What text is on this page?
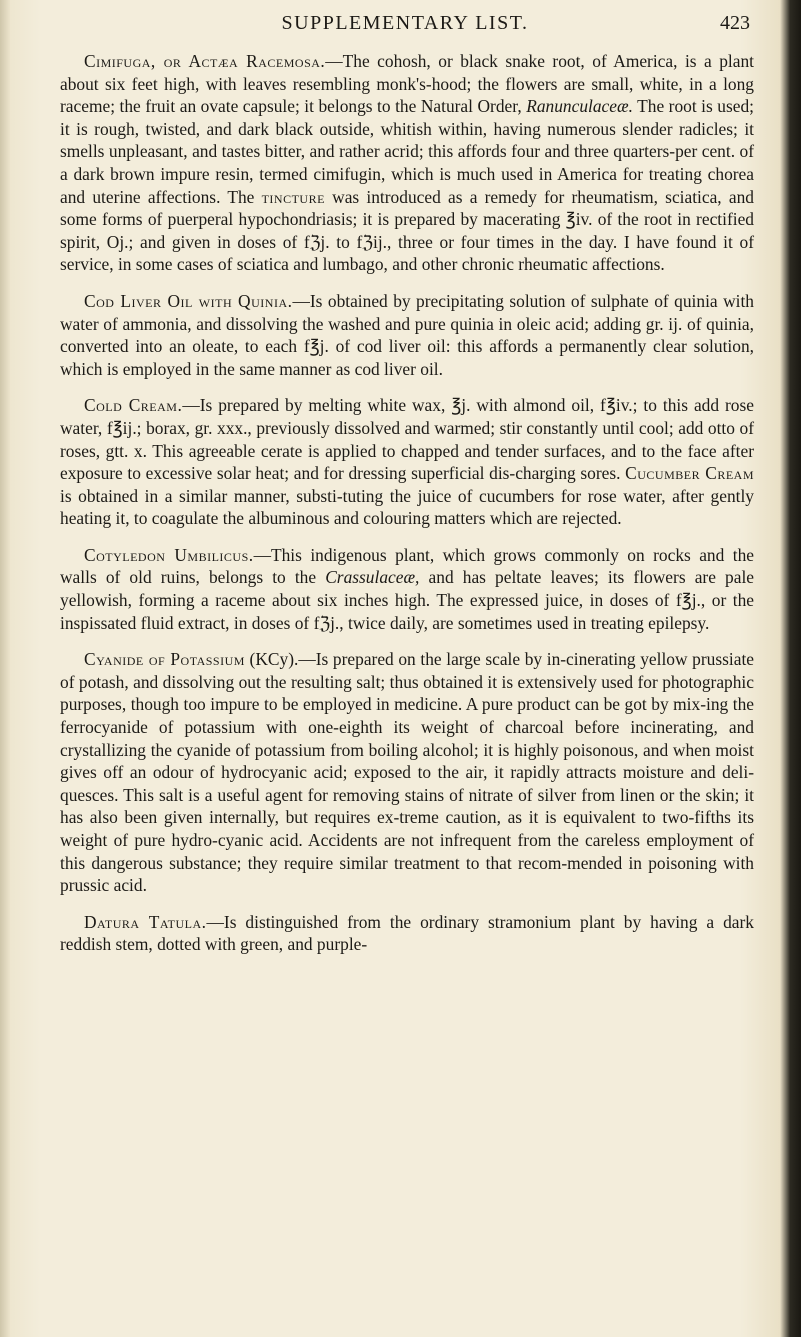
SUPPLEMENTARY LIST.	423

Cimifuga, or Actæa Racemosa.—The cohosh, or black snake root, of America, is a plant about six feet high, with leaves resembling monk's-hood; the flowers are small, white, in a long raceme; the fruit an ovate capsule; it belongs to the Natural Order, Ranunculaceæ. The root is used; it is rough, twisted, and dark black outside, whitish within, having numerous slender radicles; it smells unpleasant, and tastes bitter, and rather acrid; this affords four and three quarters-per cent. of a dark brown impure resin, termed cimifugin, which is much used in America for treating chorea and uterine affections. The tincture was introduced as a remedy for rheumatism, sciatica, and some forms of puerperal hypochondriasis; it is prepared by macerating ℥iv. of the root in rectified spirit, Oj.; and given in doses of fℨj. to fℨij., three or four times in the day. I have found it of service, in some cases of sciatica and lumbago, and other chronic rheumatic affections.

Cod Liver Oil with Quinia.—Is obtained by precipitating solution of sulphate of quinia with water of ammonia, and dissolving the washed and pure quinia in oleic acid; adding gr. ij. of quinia, converted into an oleate, to each f℥j. of cod liver oil: this affords a permanently clear solution, which is employed in the same manner as cod liver oil.

Cold Cream.—Is prepared by melting white wax, ℥j. with almond oil, f℥iv.; to this add rose water, f℥ij.; borax, gr. xxx., previously dissolved and warmed; stir constantly until cool; add otto of roses, gtt. x. This agreeable cerate is applied to chapped and tender surfaces, and to the face after exposure to excessive solar heat; and for dressing superficial dis-charging sores. Cucumber Cream is obtained in a similar manner, substi-tuting the juice of cucumbers for rose water, after gently heating it, to coagulate the albuminous and colouring matters which are rejected.

Cotyledon Umbilicus.—This indigenous plant, which grows commonly on rocks and the walls of old ruins, belongs to the Crassulaceæ, and has peltate leaves; its flowers are pale yellowish, forming a raceme about six inches high. The expressed juice, in doses of f℥j., or the inspissated fluid extract, in doses of fℨj., twice daily, are sometimes used in treating epilepsy.

Cyanide of Potassium (KCy).—Is prepared on the large scale by in-cinerating yellow prussiate of potash, and dissolving out the resulting salt; thus obtained it is extensively used for photographic purposes, though too impure to be employed in medicine. A pure product can be got by mix-ing the ferrocyanide of potassium with one-eighth its weight of charcoal before incinerating, and crystallizing the cyanide of potassium from boiling alcohol; it is highly poisonous, and when moist gives off an odour of hydrocyanic acid; exposed to the air, it rapidly attracts moisture and deli-quesces. This salt is a useful agent for removing stains of nitrate of silver from linen or the skin; it has also been given internally, but requires ex-treme caution, as it is equivalent to two-fifths its weight of pure hydro-cyanic acid. Accidents are not infrequent from the careless employment of this dangerous substance; they require similar treatment to that recom-mended in poisoning with prussic acid.

Datura Tatula.—Is distinguished from the ordinary stramonium plant by having a dark reddish stem, dotted with green, and purple-
